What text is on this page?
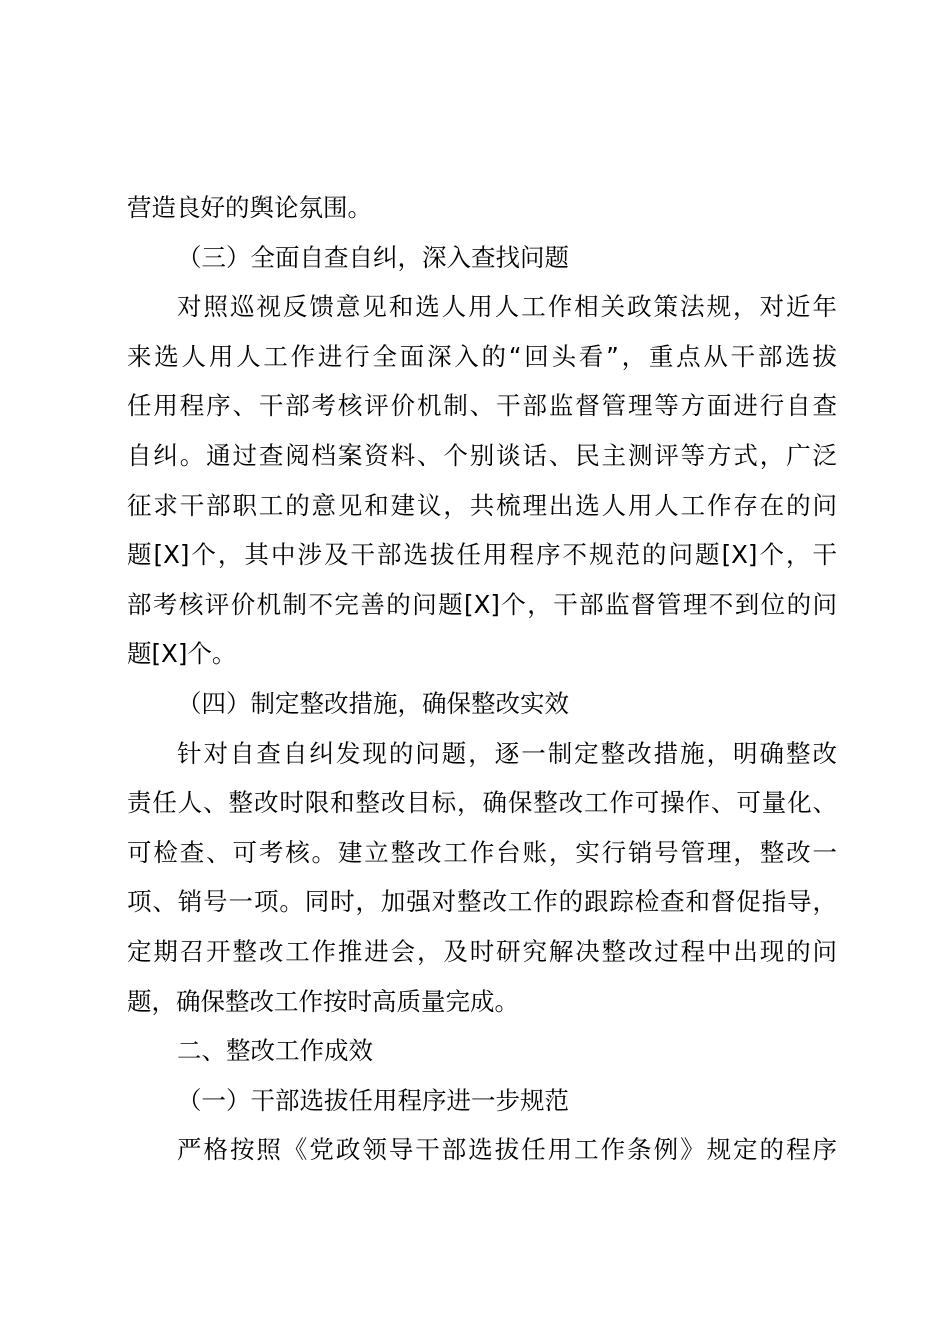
营造良好的舆论氛围。
（三）全面自查自纠，深入查找问题
对照巡视反馈意见和选人用人工作相关政策法规，对近年
来选人用人工作进行全面深入的“回头看”，重点从干部选拔
任用程序、干部考核评价机制、干部监督管理等方面进行自查
自纠。通过查阅档案资料、个别谈话、民主测评等方式，广泛
征求干部职工的意见和建议，共梳理出选人用人工作存在的问
题[X]个，其中涉及干部选拔任用程序不规范的问题[X]个，干
部考核评价机制不完善的问题[X]个，干部监督管理不到位的问
题[X]个。
（四）制定整改措施，确保整改实效
针对自查自纠发现的问题，逐一制定整改措施，明确整改
责任人、整改时限和整改目标，确保整改工作可操作、可量化、
可检查、可考核。建立整改工作台账，实行销号管理，整改一
项、销号一项。同时，加强对整改工作的跟踪检查和督促指导，
定期召开整改工作推进会，及时研究解决整改过程中出现的问
题，确保整改工作按时高质量完成。
二、整改工作成效
（一）干部选拔任用程序进一步规范
严格按照《党政领导干部选拔任用工作条例》规定的程序
